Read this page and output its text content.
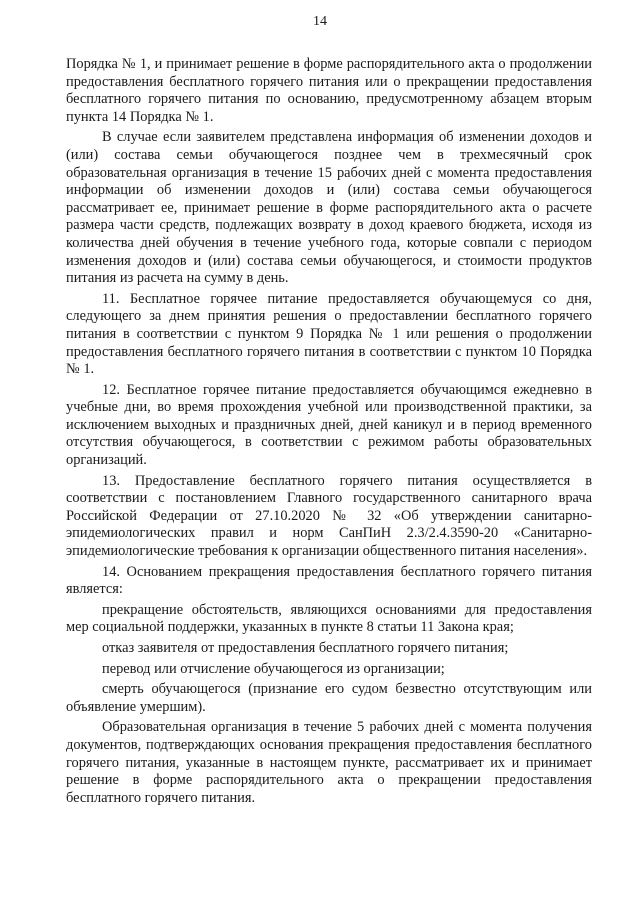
14

Порядка № 1, и принимает решение в форме распорядительного акта о продолжении предоставления бесплатного горячего питания или о прекращении предоставления бесплатного горячего питания по основанию, предусмотренному абзацем вторым пункта 14 Порядка № 1.

В случае если заявителем представлена информация об изменении доходов и (или) состава семьи обучающегося позднее чем в трехмесячный срок образовательная организация в течение 15 рабочих дней с момента предоставления информации об изменении доходов и (или) состава семьи обучающегося рассматривает ее, принимает решение в форме распорядительного акта о расчете размера части средств, подлежащих возврату в доход краевого бюджета, исходя из количества дней обучения в течение учебного года, которые совпали с периодом изменения доходов и (или) состава семьи обучающегося, и стоимости продуктов питания из расчета на сумму в день.

11. Бесплатное горячее питание предоставляется обучающемуся со дня, следующего за днем принятия решения о предоставлении бесплатного горячего питания в соответствии с пунктом 9 Порядка № 1 или решения о продолжении предоставления бесплатного горячего питания в соответствии с пунктом 10 Порядка № 1.

12. Бесплатное горячее питание предоставляется обучающимся ежедневно в учебные дни, во время прохождения учебной или производственной практики, за исключением выходных и праздничных дней, дней каникул и в период временного отсутствия обучающегося, в соответствии с режимом работы образовательных организаций.

13. Предоставление бесплатного горячего питания осуществляется в соответствии с постановлением Главного государственного санитарного врача Российской Федерации от 27.10.2020 № 32 «Об утверждении санитарно-эпидемиологических правил и норм СанПиН 2.3/2.4.3590-20 «Санитарно-эпидемиологические требования к организации общественного питания населения».

14. Основанием прекращения предоставления бесплатного горячего питания является:

прекращение обстоятельств, являющихся основаниями для предоставления мер социальной поддержки, указанных в пункте 8 статьи 11 Закона края;

отказ заявителя от предоставления бесплатного горячего питания;

перевод или отчисление обучающегося из организации;

смерть обучающегося (признание его судом безвестно отсутствующим или объявление умершим).

Образовательная организация в течение 5 рабочих дней с момента получения документов, подтверждающих основания прекращения предоставления бесплатного горячего питания, указанные в настоящем пункте, рассматривает их и принимает решение в форме распорядительного акта о прекращении предоставления бесплатного горячего питания.
